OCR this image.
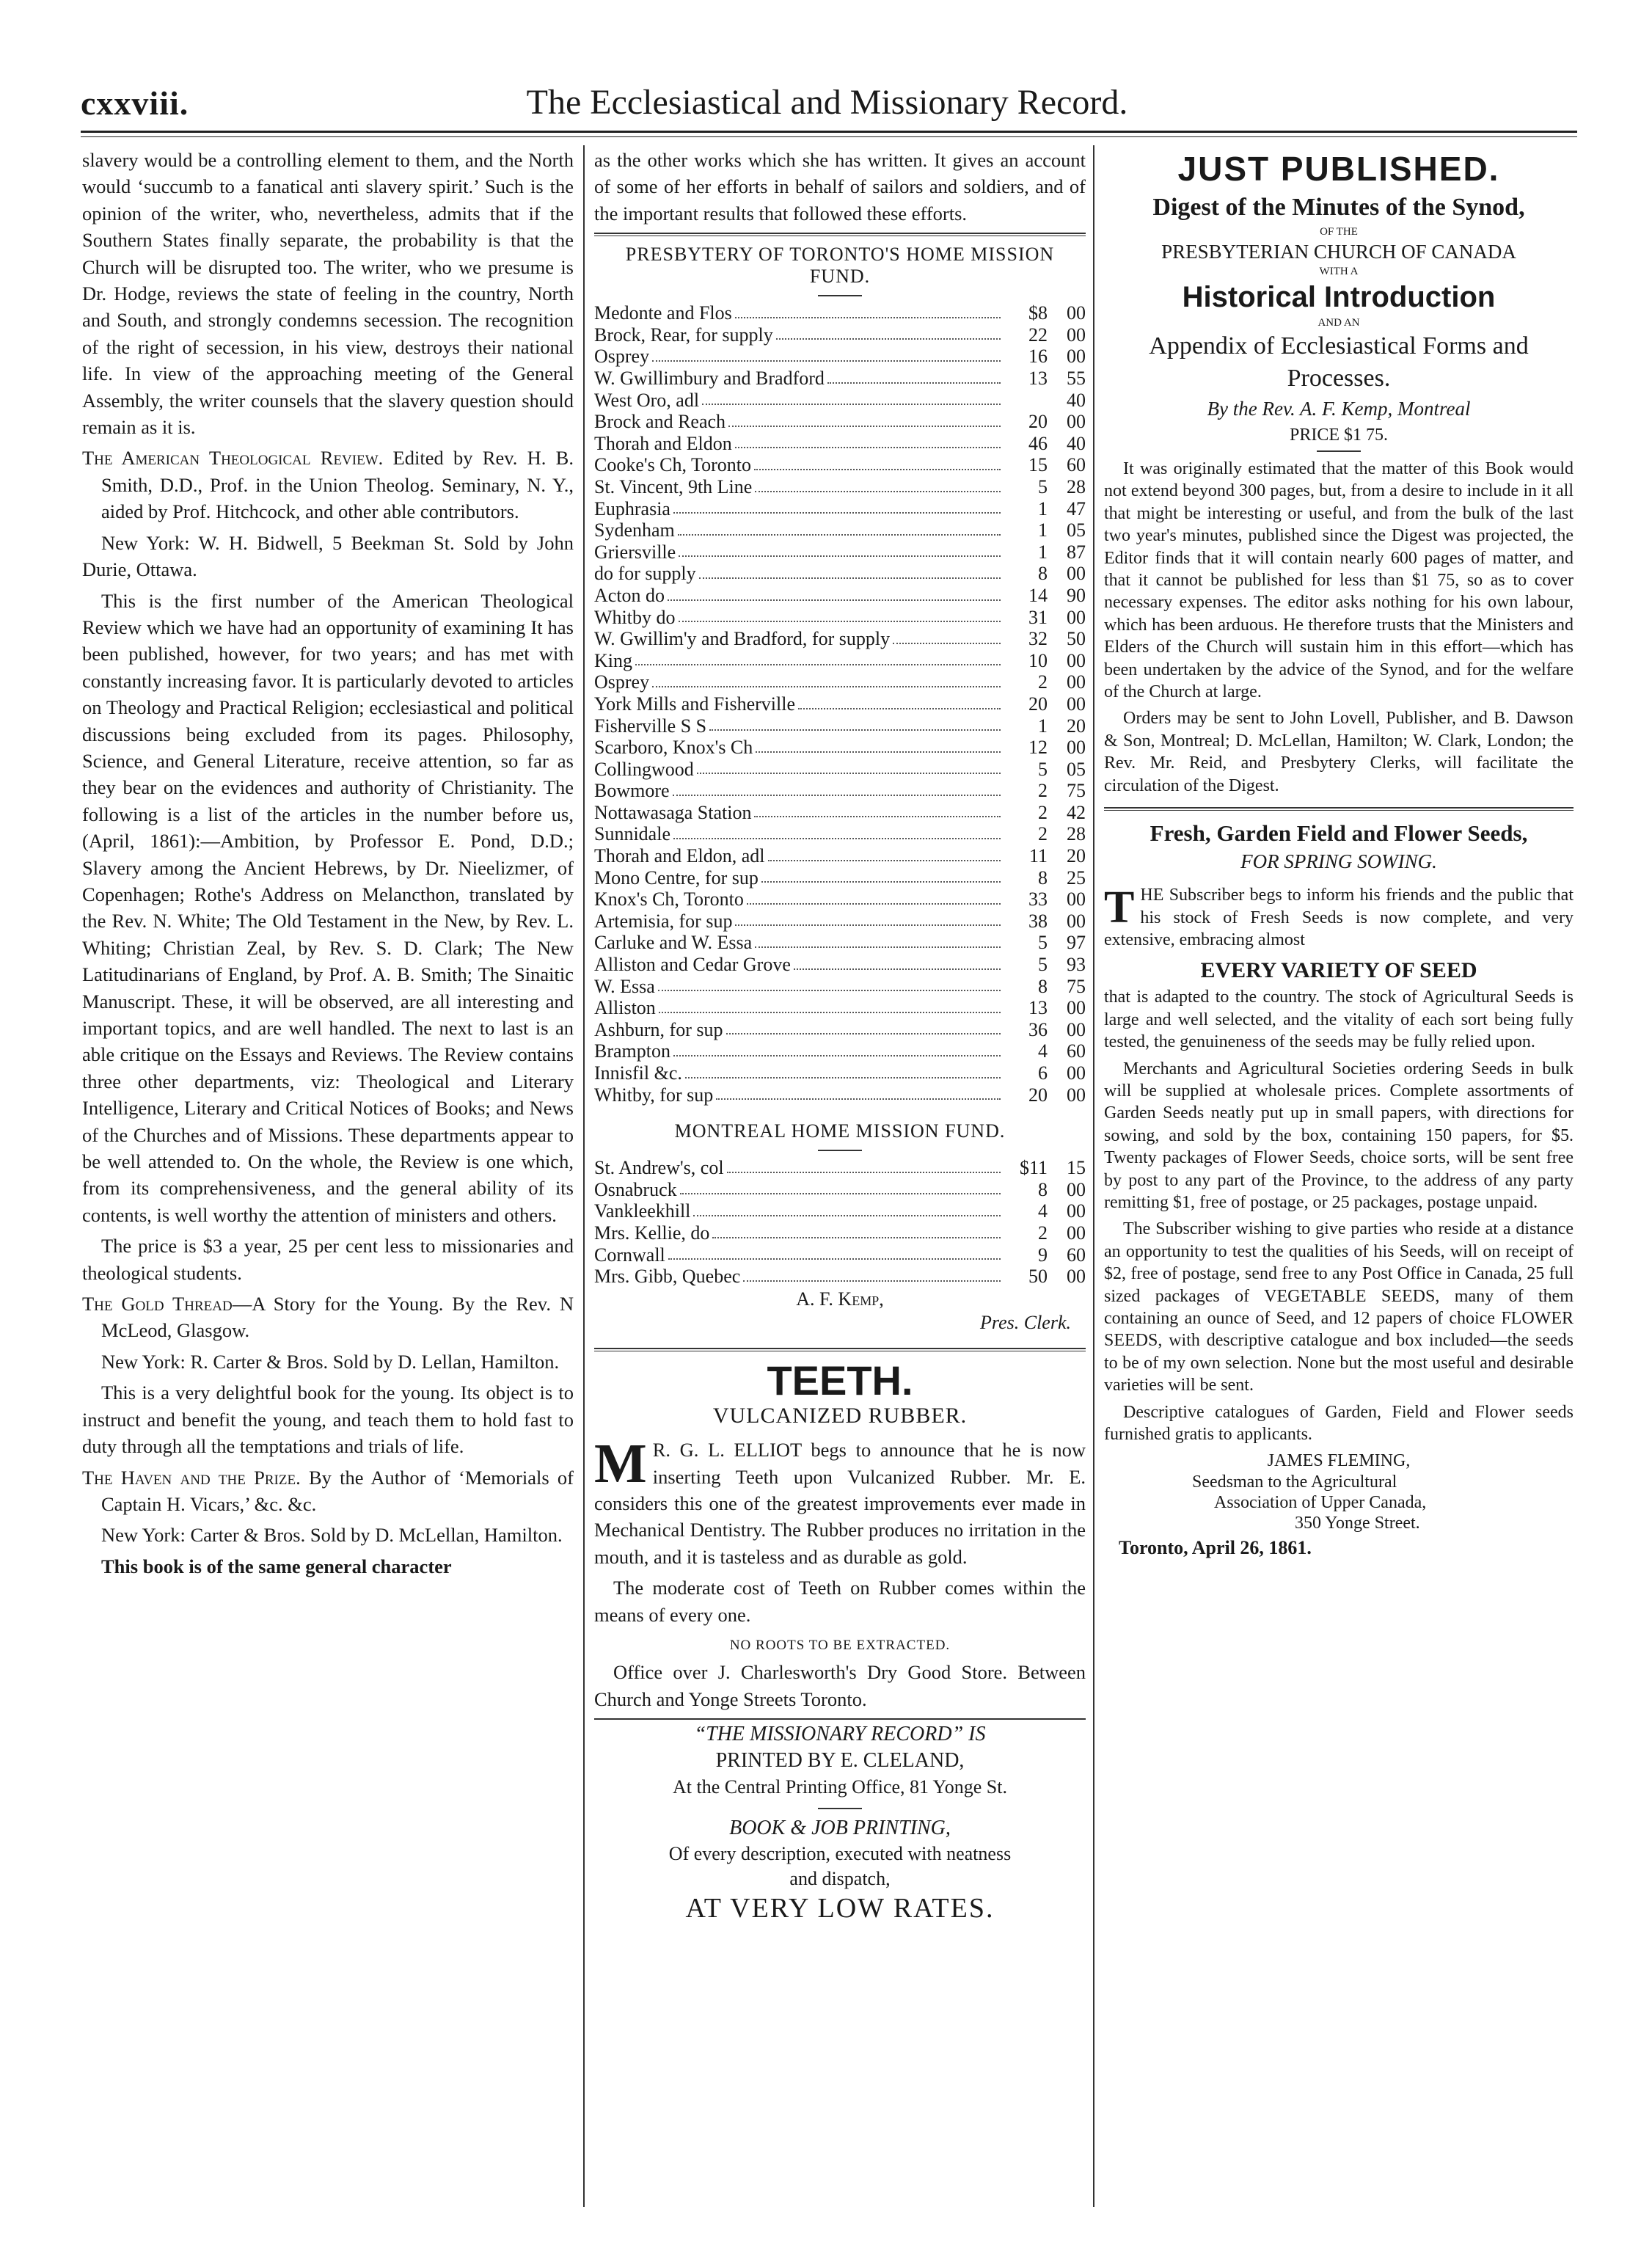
cxxviii.	The Ecclesiastical and Missionary Record.

slavery would be a controlling element to them, and the North would ‘succumb to a fanatical anti slavery spirit.’ Such is the opinion of the writer, who, nevertheless, admits that if the Southern States finally separate, the probability is that the Church will be disrupted too. The writer, who we presume is Dr. Hodge, reviews the state of feeling in the country, North and South, and strongly condemns secession. The recognition of the right of secession, in his view, destroys their national life. In view of the approaching meeting of the General Assembly, the writer counsels that the slavery question should remain as it is.

The American Theological Review. Edited by Rev. H. B. Smith, D.D., Prof. in the Union Theolog. Seminary, N. Y., aided by Prof. Hitchcock, and other able contributors.

New York: W. H. Bidwell, 5 Beekman St. Sold by John Durie, Ottawa.

This is the first number of the American Theological Review which we have had an opportunity of examining It has been published, however, for two years; and has met with constantly increasing favor. It is particularly devoted to articles on Theology and Practical Religion; ecclesiastical and political discussions being excluded from its pages. Philosophy, Science, and General Literature, receive attention, so far as they bear on the evidences and authority of Christianity. The following is a list of the articles in the number before us, (April, 1861):—Ambition, by Professor E. Pond, D.D.; Slavery among the Ancient Hebrews, by Dr. Nieelizmer, of Copenhagen; Rothe's Address on Melancthon, translated by the Rev. N. White; The Old Testament in the New, by Rev. L. Whiting; Christian Zeal, by Rev. S. D. Clark; The New Latitudinarians of England, by Prof. A. B. Smith; The Sinaitic Manuscript. These, it will be observed, are all interesting and important topics, and are well handled. The next to last is an able critique on the Essays and Reviews. The Review contains three other departments, viz: Theological and Literary Intelligence, Literary and Critical Notices of Books; and News of the Churches and of Missions. These departments appear to be well attended to. On the whole, the Review is one which, from its comprehensiveness, and the general ability of its contents, is well worthy the attention of ministers and others.

The price is $3 a year, 25 per cent less to missionaries and theological students.

The Gold Thread—A Story for the Young. By the Rev. N McLeod, Glasgow.

New York: R. Carter & Bros. Sold by D. Lellan, Hamilton.

This is a very delightful book for the young. Its object is to instruct and benefit the young, and teach them to hold fast to duty through all the temptations and trials of life.

The Haven and the Prize. By the Author of ‘Memorials of Captain H. Vicars,’ &c. &c.

New York: Carter & Bros. Sold by D. McLellan, Hamilton.

This book is of the same general character

as the other works which she has written. It gives an account of some of her efforts in behalf of sailors and soldiers, and of the important results that followed these efforts.

PRESBYTERY OF TORONTO'S HOME MISSION FUND.
Medonte and Flos	$8	00

Brock, Rear, for supply	22	00

Osprey	16	00

W. Gwillimbury and Bradford	13	55

West Oro, adl		40

Brock and Reach	20	00

Thorah and Eldon	46	40

Cooke's Ch, Toronto	15	60

St. Vincent, 9th Line	5	28

Euphrasia	1	47

Sydenham	1	05

Griersville	1	87

do for supply	8	00

Acton do	14	90

Whitby do	31	00

W. Gwillim'y and Bradford, for supply	32	50

King	10	00

Osprey	2	00

York Mills and Fisherville	20	00

Fisherville S S	1	20

Scarboro, Knox's Ch	12	00

Collingwood	5	05

Bowmore	2	75

Nottawasaga Station	2	42

Sunnidale	2	28

Thorah and Eldon, adl	11	20

Mono Centre, for sup	8	25

Knox's Ch, Toronto	33	00

Artemisia, for sup	38	00

Carluke and W. Essa	5	97

Alliston and Cedar Grove	5	93

W. Essa	8	75

Alliston	13	00

Ashburn, for sup	36	00

Brampton	4	60

Innisfil &c.	6	00

Whitby, for sup	20	00
MONTREAL HOME MISSION FUND.
St. Andrew's, col	$11	15

Osnabruck	8	00

Vankleekhill	4	00

Mrs. Kellie, do	2	00

Cornwall	9	60

Mrs. Gibb, Quebec	50	00
A. F. Kemp,
Pres. Clerk.
TEETH.
VULCANIZED RUBBER.

M R. G. L. ELLIOT begs to announce that he is now inserting Teeth upon Vulcanized Rubber. Mr. E. considers this one of the greatest improvements ever made in Mechanical Dentistry. The Rubber produces no irritation in the mouth, and it is tasteless and as durable as gold.

The moderate cost of Teeth on Rubber comes within the means of every one.

NO ROOTS TO BE EXTRACTED.

Office over J. Charlesworth's Dry Good Store. Between Church and Yonge Streets Toronto.

“THE MISSIONARY RECORD” IS
PRINTED BY E. CLELAND,
At the Central Printing Office, 81 Yonge St.
BOOK & JOB PRINTING,
Of every description, executed with neatness
and dispatch,
AT VERY LOW RATES.
JUST PUBLISHED.
Digest of the Minutes of the Synod,
OF THE
PRESBYTERIAN CHURCH OF CANADA
WITH A
Historical Introduction
AND AN
Appendix of Ecclesiastical Forms and Processes.
By the Rev. A. F. Kemp, Montreal
PRICE $1 75.

It was originally estimated that the matter of this Book would not extend beyond 300 pages, but, from a desire to include in it all that might be interesting or useful, and from the bulk of the last two year's minutes, published since the Digest was projected, the Editor finds that it will contain nearly 600 pages of matter, and that it cannot be published for less than $1 75, so as to cover necessary expenses. The editor asks nothing for his own labour, which has been arduous. He therefore trusts that the Ministers and Elders of the Church will sustain him in this effort—which has been undertaken by the advice of the Synod, and for the welfare of the Church at large.

Orders may be sent to John Lovell, Publisher, and B. Dawson & Son, Montreal; D. McLellan, Hamilton; W. Clark, London; the Rev. Mr. Reid, and Presbytery Clerks, will facilitate the circulation of the Digest.

Fresh, Garden Field and Flower Seeds,
FOR SPRING SOWING.

THE Subscriber begs to inform his friends and the public that his stock of Fresh Seeds is now complete, and very extensive, embracing almost

EVERY VARIETY OF SEED

that is adapted to the country. The stock of Agricultural Seeds is large and well selected, and the vitality of each sort being fully tested, the genuineness of the seeds may be fully relied upon.

Merchants and Agricultural Societies ordering Seeds in bulk will be supplied at wholesale prices. Complete assortments of Garden Seeds neatly put up in small papers, with directions for sowing, and sold by the box, containing 150 papers, for $5. Twenty packages of Flower Seeds, choice sorts, will be sent free by post to any part of the Province, to the address of any party remitting $1, free of postage, or 25 packages, postage unpaid.

The Subscriber wishing to give parties who reside at a distance an opportunity to test the qualities of his Seeds, will on receipt of $2, free of postage, send free to any Post Office in Canada, 25 full sized packages of VEGETABLE SEEDS, many of them containing an ounce of Seed, and 12 papers of choice FLOWER SEEDS, with descriptive catalogue and box included—the seeds to be of my own selection. None but the most useful and desirable varieties will be sent.

Descriptive catalogues of Garden, Field and Flower seeds furnished gratis to applicants.

JAMES FLEMING,
Seedsman to the Agricultural
Association of Upper Canada,
350 Yonge Street.
Toronto, April 26, 1861.
